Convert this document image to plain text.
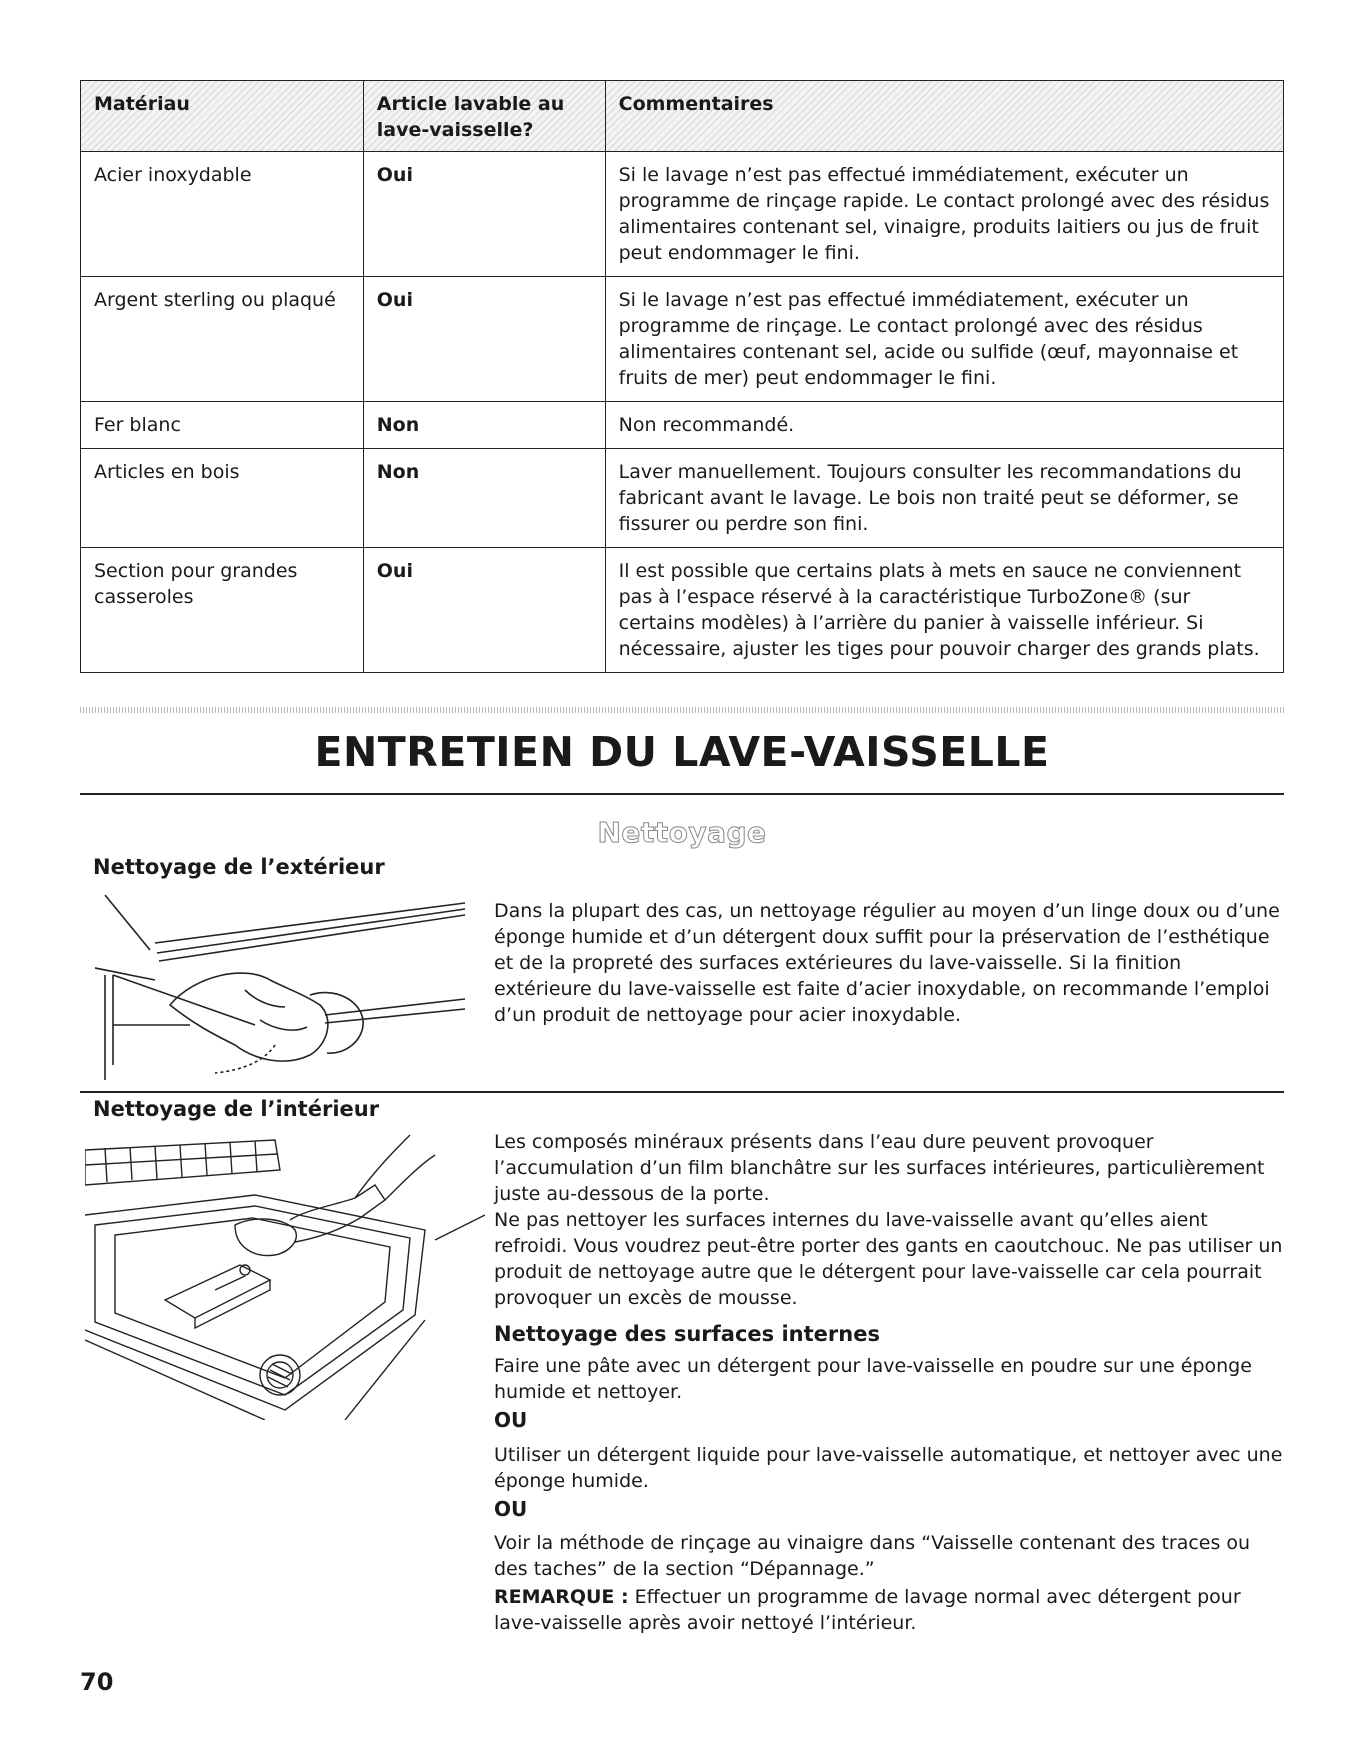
Matériau	Article lavable au lave-vaisselle?	Commentaires
Acier inoxydable	Oui	Si le lavage n’est pas effectué immédiatement, exécuter un programme de rinçage rapide. Le contact prolongé avec des résidus alimentaires contenant sel, vinaigre, produits laitiers ou jus de fruit peut endommager le fini.
Argent sterling ou plaqué	Oui	Si le lavage n’est pas effectué immédiatement, exécuter un programme de rinçage. Le contact prolongé avec des résidus alimentaires contenant sel, acide ou sulfide (œuf, mayonnaise et fruits de mer) peut endommager le fini.
Fer blanc	Non	Non recommandé.
Articles en bois	Non	Laver manuellement. Toujours consulter les recommandations du fabricant avant le lavage. Le bois non traité peut se déformer, se fissurer ou perdre son fini.
Section pour grandes casseroles	Oui	Il est possible que certains plats à mets en sauce ne conviennent pas à l’espace réservé à la caractéristique TurboZone® (sur certains modèles) à l’arrière du panier à vaisselle inférieur. Si nécessaire, ajuster les tiges pour pouvoir charger des grands plats.
ENTRETIEN DU LAVE-VAISSELLE
Nettoyage
Nettoyage de l’extérieur

Dans la plupart des cas, un nettoyage régulier au moyen d’un linge doux ou d’une éponge humide et d’un détergent doux suffit pour la préservation de l’esthétique et de la propreté des surfaces extérieures du lave-vaisselle. Si la finition extérieure du lave-vaisselle est faite d’acier inoxydable, on recommande l’emploi d’un produit de nettoyage pour acier inoxydable.

Nettoyage de l’intérieur

Les composés minéraux présents dans l’eau dure peuvent provoquer l’accumulation d’un film blanchâtre sur les surfaces intérieures, particulièrement juste au-dessous de la porte.

Ne pas nettoyer les surfaces internes du lave-vaisselle avant qu’elles aient refroidi. Vous voudrez peut-être porter des gants en caoutchouc. Ne pas utiliser un produit de nettoyage autre que le détergent pour lave-vaisselle car cela pourrait provoquer un excès de mousse.

Nettoyage des surfaces internes

Faire une pâte avec un détergent pour lave-vaisselle en poudre sur une éponge humide et nettoyer.

OU

Utiliser un détergent liquide pour lave-vaisselle automatique, et nettoyer avec une éponge humide.

OU

Voir la méthode de rinçage au vinaigre dans “Vaisselle contenant des traces ou des taches” de la section “Dépannage.”

REMARQUE : Effectuer un programme de lavage normal avec détergent pour lave-vaisselle après avoir nettoyé l’intérieur.

70
